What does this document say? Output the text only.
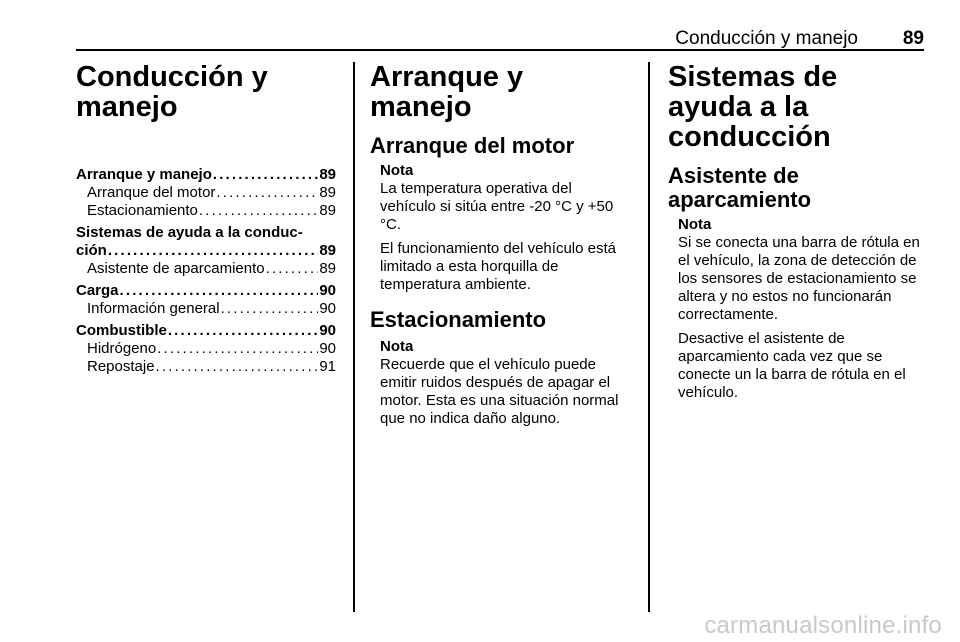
Conducción y manejo 89
Conducción y
manejo
Arranque y manejo . . .	89
Arranque del motor . . .	89
Estacionamiento . . .	89
Sistemas de ayuda a la conduc-
ción . . .	89
Asistente de aparcamiento . . .	89
Carga . . .	90
Información general . . .	90
Combustible . . .	90
Hidrógeno . . .	90
Repostaje . . .	91
Arranque y manejo
Arranque del motor

Nota

La temperatura operativa del
vehículo si sitúa entre -20 °C y +50
°C.

El funcionamiento del vehículo está
limitado a esta horquilla de
temperatura ambiente.

Estacionamiento

Nota

Recuerde que el vehículo puede
emitir ruidos después de apagar el
motor. Esta es una situación normal
que no indica daño alguno.

Sistemas de ayuda a la
conducción
Asistente de aparcamiento

Nota

Si se conecta una barra de rótula en
el vehículo, la zona de detección de
los sensores de estacionamiento se
altera y no estos no funcionarán
correctamente.

Desactive el asistente de
aparcamiento cada vez que se
conecte un la barra de rótula en el
vehículo.

carmanualsonline.info
